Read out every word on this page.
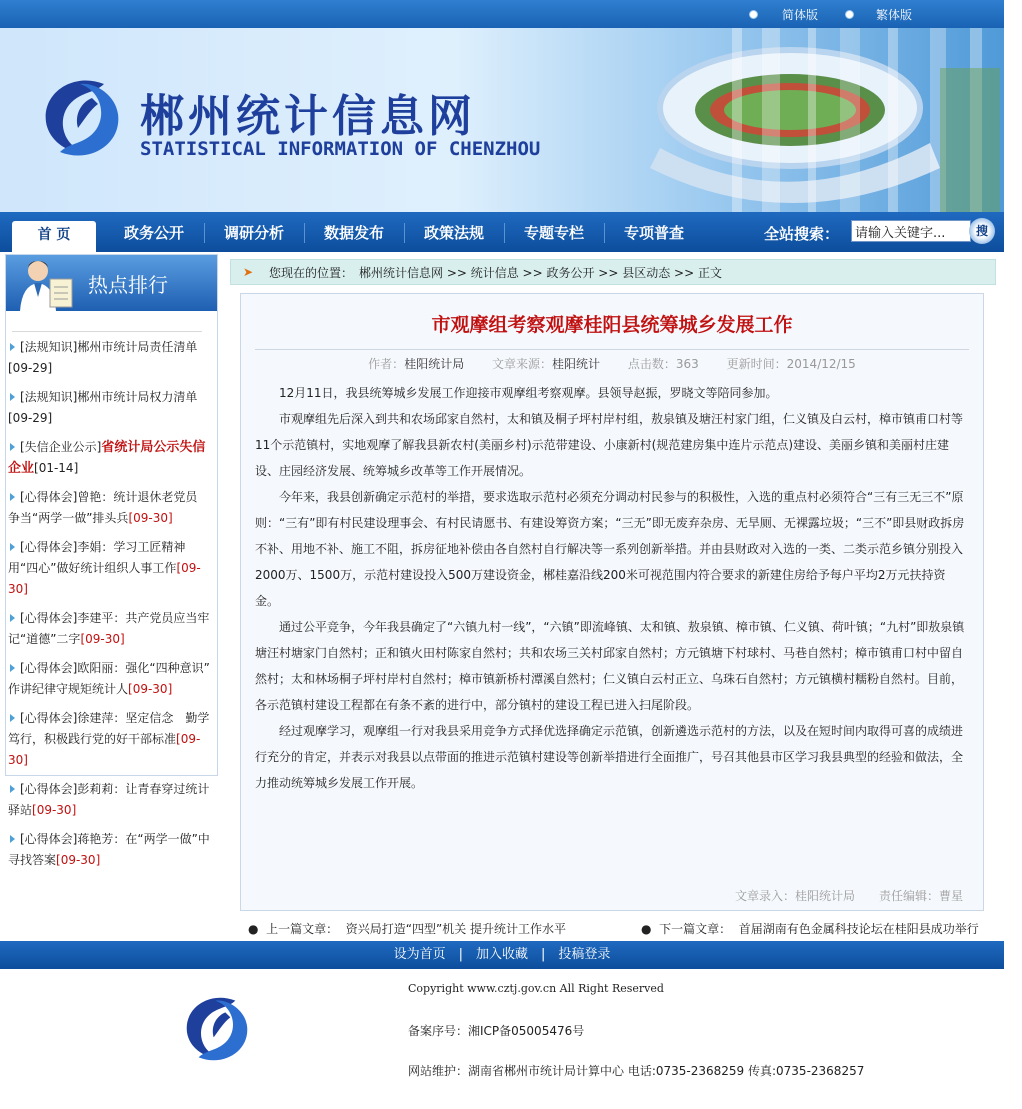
简体版	繁体版
郴州统计信息网
STATISTICAL INFORMATION OF CHENZHOU
首 页	政务公开	调研分析	数据发布	政策法规	专题专栏	专项普查	全站搜索：
请输入关键字...	搜
热点排行
[法规知识]郴州市统计局责任清单
[09-29]
[法规知识]郴州市统计局权力清单
[09-29]
[失信企业公示]省统计局公示失信企业[01-14]
[心得体会]曾艳：统计退休老党员 争当“两学一做”排头兵[09-30]
[心得体会]李娟：学习工匠精神　用“四心”做好统计组织人事工作[09-30]
[心得体会]李建平：共产党员应当牢记“道德”二字[09-30]
[心得体会]欧阳丽：强化“四种意识” 作讲纪律守规矩统计人[09-30]
[心得体会]徐建萍：坚定信念　勤学笃行，积极践行党的好干部标准[09-30]
[心得体会]彭莉莉：让青春穿过统计驿站[09-30]
[心得体会]蒋艳芳：在“两学一做”中寻找答案[09-30]
➤ 您现在的位置：　郴州统计信息网 >> 统计信息 >> 政务公开 >> 县区动态 >> 正文
市观摩组考察观摩桂阳县统筹城乡发展工作
作者：桂阳统计局 　　 文章来源：桂阳统计 　　 点击数：363 　　 更新时间：2014/12/15

12月11日，我县统筹城乡发展工作迎接市观摩组考察观摩。县领导赵振，罗晓文等陪同参加。

市观摩组先后深入到共和农场邱家自然村，太和镇及桐子坪村岸村组，敖泉镇及塘汪村家门组，仁义镇及白云村，樟市镇甫口村等11个示范镇村，实地观摩了解我县新农村(美丽乡村)示范带建设、小康新村(规范建房集中连片示范点)建设、美丽乡镇和美丽村庄建设、庄园经济发展、统筹城乡改革等工作开展情况。

今年来，我县创新确定示范村的举措，要求选取示范村必须充分调动村民参与的积极性，入选的重点村必须符合“三有三无三不”原则：“三有”即有村民建设理事会、有村民请愿书、有建设筹资方案；“三无”即无废弃杂房、无旱厕、无裸露垃圾；“三不”即县财政拆房不补、用地不补、施工不阻，拆房征地补偿由各自然村自行解决等一系列创新举措。并由县财政对入选的一类、二类示范乡镇分别投入2000万、1500万，示范村建设投入500万建设资金，郴桂嘉沿线200米可视范围内符合要求的新建住房给予每户平均2万元扶持资金。

通过公平竞争，今年我县确定了“六镇九村一线”，“六镇”即流峰镇、太和镇、敖泉镇、樟市镇、仁义镇、荷叶镇；“九村”即敖泉镇塘汪村塘家门自然村；正和镇火田村陈家自然村；共和农场三关村邱家自然村；方元镇塘下村球村、马巷自然村；樟市镇甫口村中留自然村；太和林场桐子坪村岸村自然村；樟市镇新桥村潭溪自然村；仁义镇白云村正立、乌珠石自然村；方元镇横村糯粉自然村。目前，各示范镇村建设工程都在有条不紊的进行中，部分镇村的建设工程已进入扫尾阶段。

经过观摩学习，观摩组一行对我县采用竞争方式择优选择确定示范镇，创新遴选示范村的方法，以及在短时间内取得可喜的成绩进行充分的肯定，并表示对我县以点带面的推进示范镇村建设等创新举措进行全面推广，号召其他县市区学习我县典型的经验和做法，全力推动统筹城乡发展工作开展。

文章录入：桂阳统计局　　责任编辑：曹星
● 上一篇文章： 资兴局打造“四型”机关 提升统计工作水平	● 下一篇文章： 首届湖南有色金属科技论坛在桂阳县成功举行
设为首页　|　加入收藏　|　投稿登录
Copyright www.cztj.gov.cn All Right Reserved
备案序号：湘ICP备05005476号
网站维护：湖南省郴州市统计局计算中心 电话:0735-2368259 传真:0735-2368257
